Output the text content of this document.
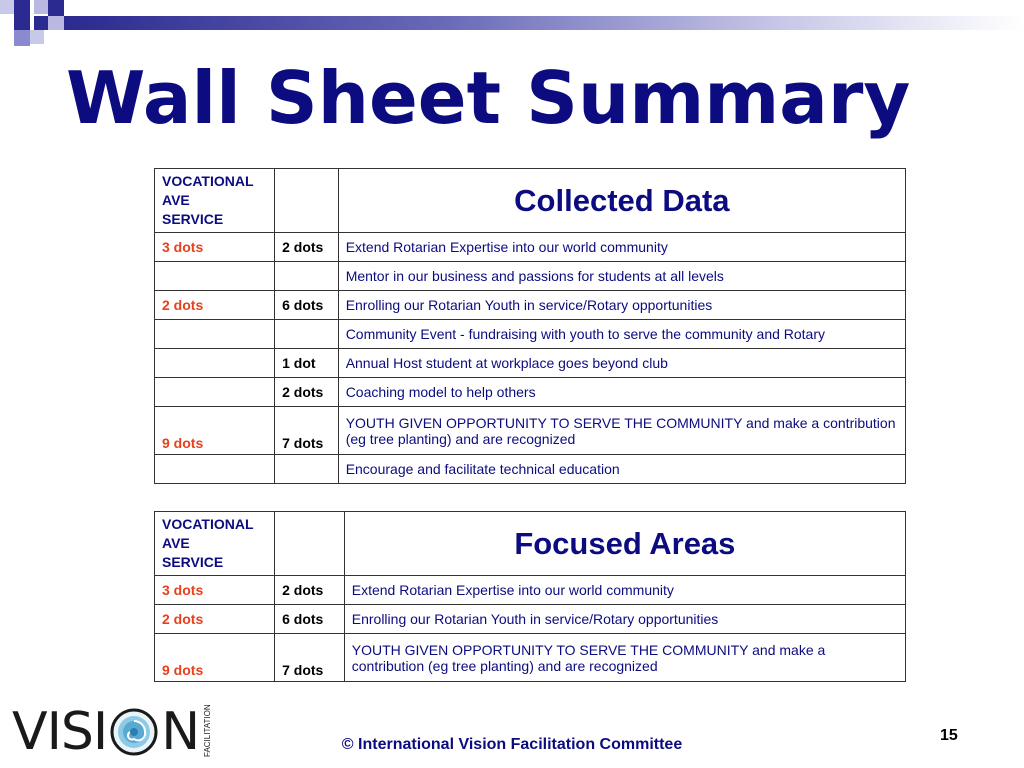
Wall Sheet Summary
VOCATIONAL
AVE
SERVICE		Collected Data
3 dots	2 dots	Extend Rotarian Expertise into our world community
		Mentor in our business and passions for students at all levels
2 dots	6 dots	Enrolling our Rotarian Youth in service/Rotary opportunities
		Community Event - fundraising with youth to serve the community and Rotary
	1 dot	Annual Host student at workplace goes beyond club
	2 dots	Coaching model to help others
9 dots	7 dots	YOUTH GIVEN OPPORTUNITY TO SERVE THE COMMUNITY and make a contribution (eg tree planting) and are recognized
		Encourage and facilitate technical education
VOCATIONAL
AVE
SERVICE		Focused Areas
3 dots	2 dots	Extend Rotarian Expertise into our world community
2 dots	6 dots	Enrolling our Rotarian Youth in service/Rotary opportunities
9 dots	7 dots	YOUTH GIVEN OPPORTUNITY TO SERVE THE COMMUNITY and make a contribution (eg tree planting) and are recognized
VISI N FACILITATION	© International Vision Facilitation Committee
15
